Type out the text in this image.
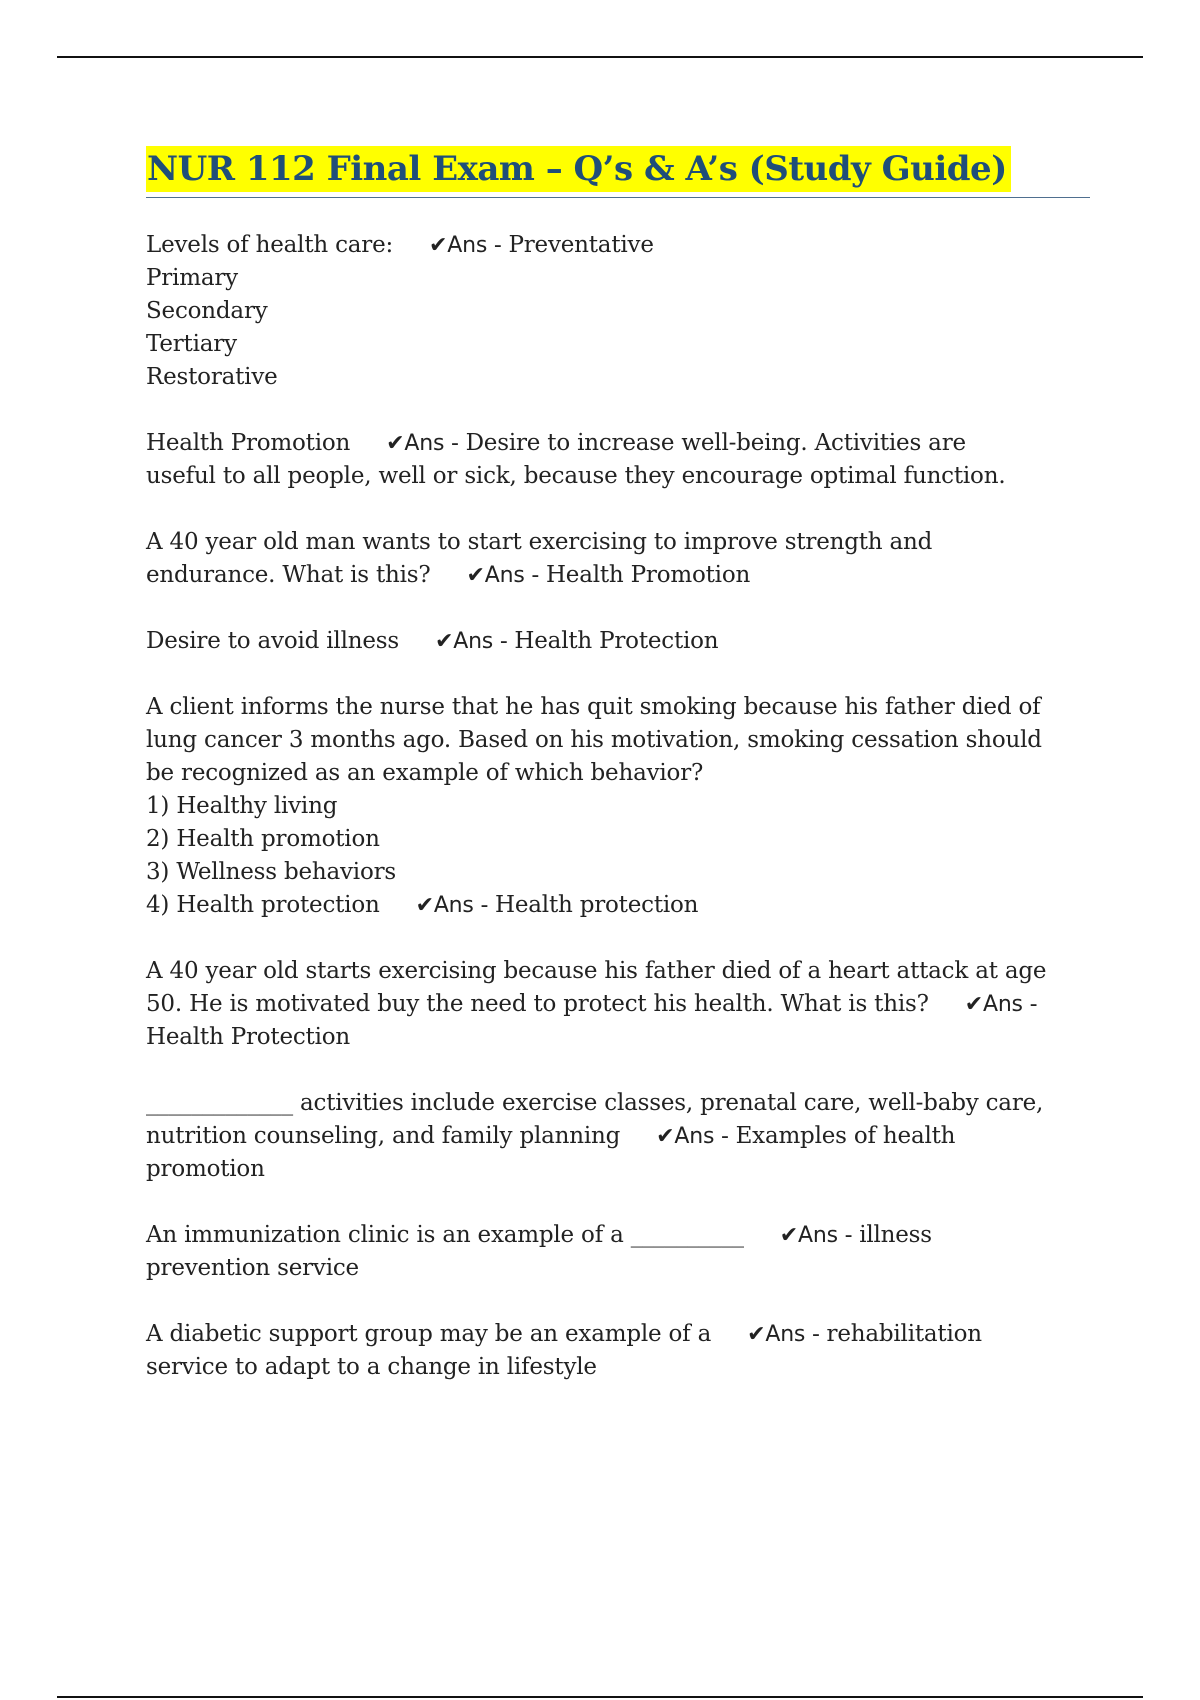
NUR 112 Final Exam – Q’s & A’s (Study Guide)
Levels of health care: ✔Ans - Preventative
Primary
Secondary
Tertiary
Restorative
Health Promotion ✔Ans - Desire to increase well-being. Activities are
useful to all people, well or sick, because they encourage optimal function.
A 40 year old man wants to start exercising to improve strength and
endurance. What is this? ✔Ans - Health Promotion
Desire to avoid illness ✔Ans - Health Protection
A client informs the nurse that he has quit smoking because his father died of
lung cancer 3 months ago. Based on his motivation, smoking cessation should
be recognized as an example of which behavior?
1) Healthy living
2) Health promotion
3) Wellness behaviors
4) Health protection ✔Ans - Health protection
A 40 year old starts exercising because his father died of a heart attack at age
50. He is motivated buy the need to protect his health. What is this? ✔Ans -
Health Protection
_____________ activities include exercise classes, prenatal care, well-baby care,
nutrition counseling, and family planning ✔Ans - Examples of health
promotion
An immunization clinic is an example of a __________ ✔Ans - illness
prevention service
A diabetic support group may be an example of a ✔Ans - rehabilitation
service to adapt to a change in lifestyle
